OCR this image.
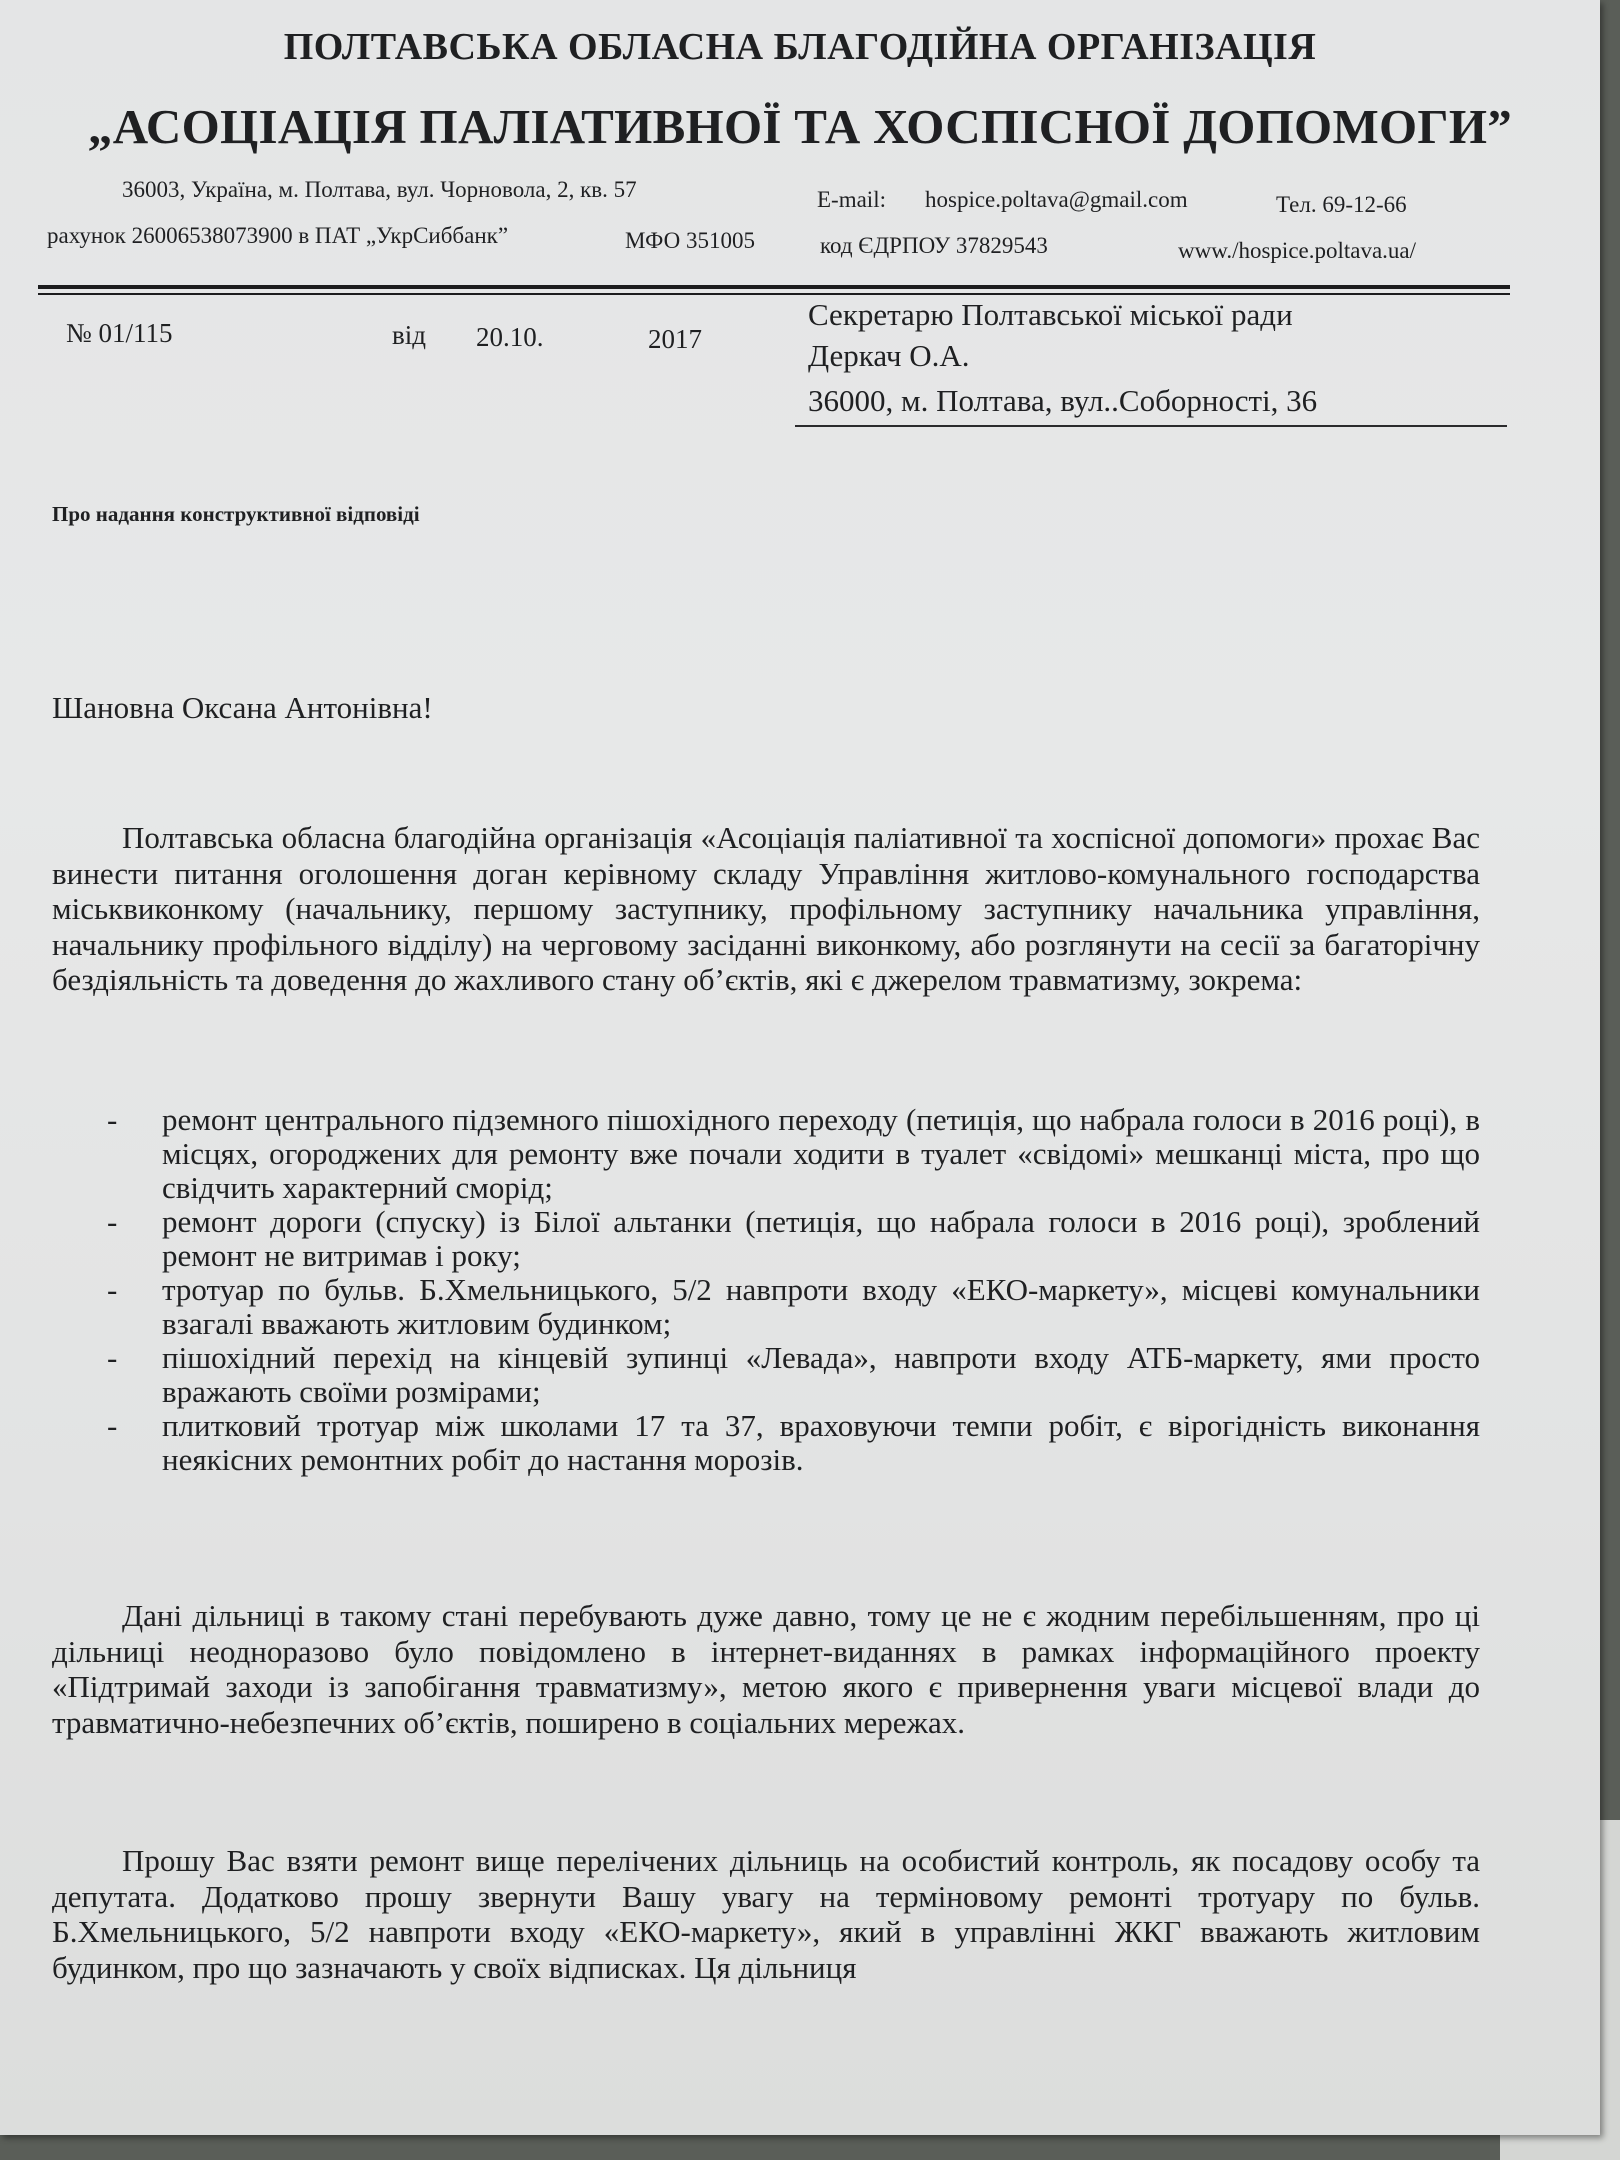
ПОЛТАВСЬКА ОБЛАСНА БЛАГОДІЙНА ОРГАНІЗАЦІЯ
„АСОЦІАЦІЯ ПАЛІАТИВНОЇ ТА ХОСПІСНОЇ ДОПОМОГИ”
36003, Україна, м. Полтава, вул. Чорновола, 2, кв. 57	E-mail: hospice.poltava@gmail.com	Тел. 69-12-66
рахунок 26006538073900 в ПАТ „УкрСиббанк”	МФО 351005	код ЄДРПОУ 37829543	www./hospice.poltava.ua/
№ 01/115	від 20.10.	2017
Секретарю Полтавської міської ради
Деркач О.А.
36000, м. Полтава, вул..Соборності, 36
Про надання конструктивної відповіді
Шановна Оксана Антонівна!

Полтавська обласна благодійна організація «Асоціація паліативної та хоспісної допомоги» прохає Вас винести питання оголошення доган керівному складу Управління житлово-комунального господарства міськвиконкому (начальнику, першому заступнику, профільному заступнику начальника управління, начальнику профільного відділу) на черговому засіданні виконкому, або розглянути на сесії за багаторічну бездіяльність та доведення до жахливого стану об’єктів, які є джерелом травматизму, зокрема:

- ремонт центрального підземного пішохідного переходу (петиція, що набрала голоси в 2016 році), в місцях, огороджених для ремонту вже почали ходити в туалет «свідомі» мешканці міста, про що свідчить характерний сморід;
- ремонт дороги (спуску) із Білої альтанки (петиція, що набрала голоси в 2016 році), зроблений ремонт не витримав і року;
- тротуар по бульв. Б.Хмельницького, 5/2 навпроти входу «ЕКО-маркету», місцеві комунальники взагалі вважають житловим будинком;
- пішохідний перехід на кінцевій зупинці «Левада», навпроти входу АТБ-маркету, ями просто вражають своїми розмірами;
- плитковий тротуар між школами 17 та 37, враховуючи темпи робіт, є вірогідність виконання неякісних ремонтних робіт до настання морозів.

Дані дільниці в такому стані перебувають дуже давно, тому це не є жодним перебільшенням, про ці дільниці неодноразово було повідомлено в інтернет-виданнях в рамках інформаційного проекту «Підтримай заходи із запобігання травматизму», метою якого є привернення уваги місцевої влади до травматично-небезпечних об’єктів, поширено в соціальних мережах.

Прошу Вас взяти ремонт вище перелічених дільниць на особистий контроль, як посадову особу та депутата. Додатково прошу звернути Вашу увагу на терміновому ремонті тротуару по бульв. Б.Хмельницького, 5/2 навпроти входу «ЕКО-маркету», який в управлінні ЖКГ вважають житловим будинком, про що зазначають у своїх відписках. Ця дільниця
